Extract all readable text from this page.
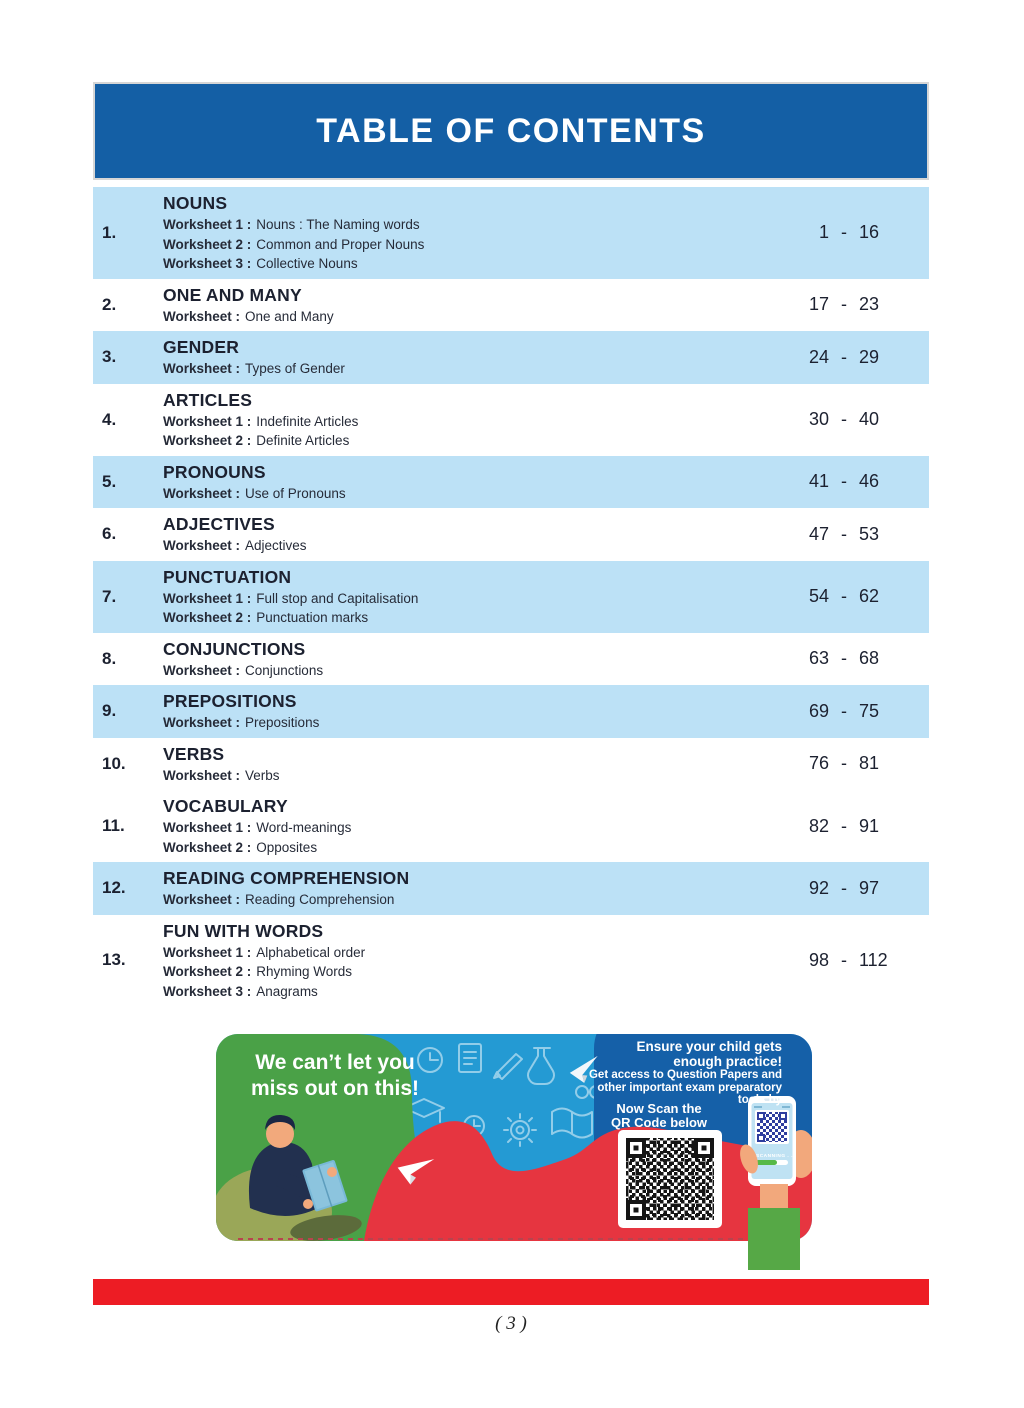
TABLE OF CONTENTS
1.
NOUNS
Worksheet 1 : Nouns : The Naming words
Worksheet 2 : Common and Proper Nouns
Worksheet 3 : Collective Nouns
1 - 16
2.	ONE AND MANY
Worksheet : One and Many
17 - 23
3.	GENDER
Worksheet : Types of Gender
24 - 29
4.
ARTICLES
Worksheet 1 : Indefinite Articles
Worksheet 2 : Definite Articles
30 - 40
5.	PRONOUNS
Worksheet : Use of Pronouns
41 - 46
6.	ADJECTIVES
Worksheet : Adjectives
47 - 53
7.
PUNCTUATION
Worksheet 1 : Full stop and Capitalisation
Worksheet 2 : Punctuation marks
54 - 62
8.	CONJUNCTIONS
Worksheet : Conjunctions
63 - 68
9.	PREPOSITIONS
Worksheet : Prepositions
69 - 75
10.	VERBS
Worksheet : Verbs
76 - 81
11.
VOCABULARY
Worksheet 1 : Word-meanings
Worksheet 2 : Opposites
82 - 91
12.	READING COMPREHENSION
Worksheet : Reading Comprehension
92 - 97
13.
FUN WITH WORDS
Worksheet 1 : Alphabetical order
Worksheet 2 : Rhyming Words
Worksheet 3 : Anagrams
98 - 112
SCANNING . . .
We can’t let you miss out on this!
Ensure your child gets enough practice!
Get access to Question Papers and other important exam preparatory tools by
Now Scan the QR Code below
( 3 )
